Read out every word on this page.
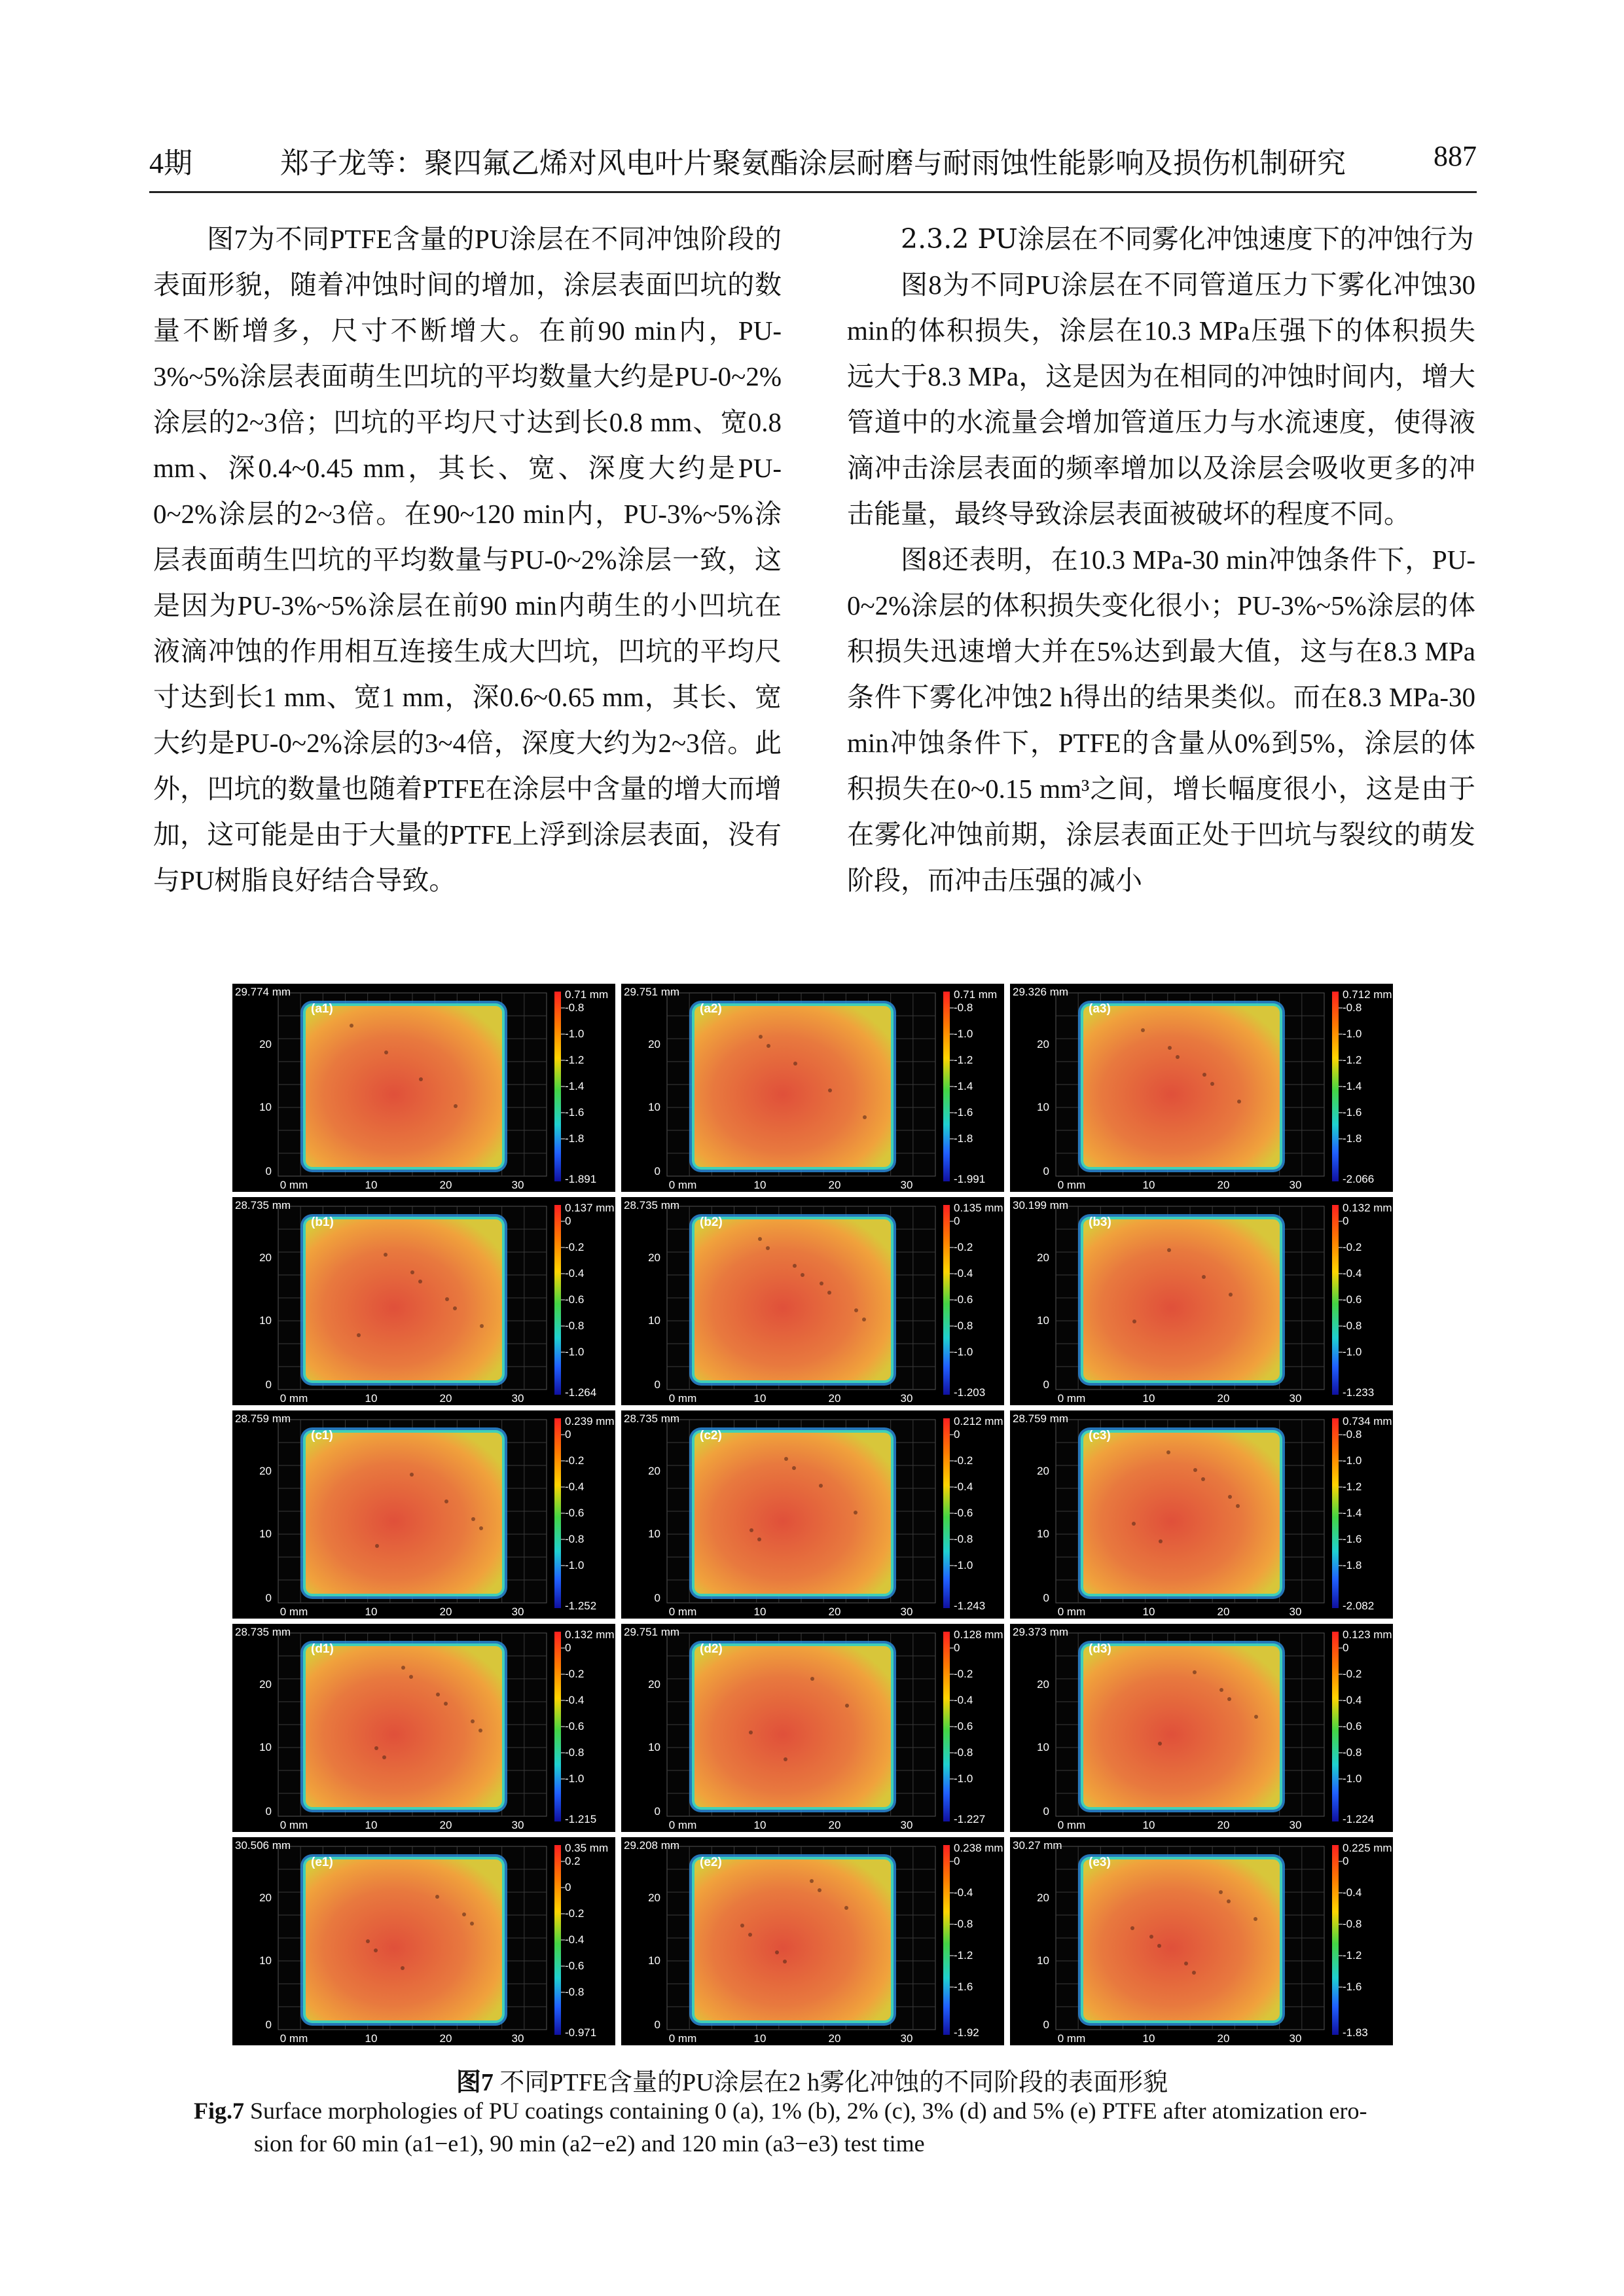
4期	郑子龙等：聚四氟乙烯对风电叶片聚氨酯涂层耐磨与耐雨蚀性能影响及损伤机制研究	887

图7为不同PTFE含量的PU涂层在不同冲蚀阶段的表面形貌，随着冲蚀时间的增加，涂层表面凹坑的数量不断增多，尺寸不断增大。在前90 min内，PU-3%~5%涂层表面萌生凹坑的平均数量大约是PU-0~2%涂层的2~3倍；凹坑的平均尺寸达到长0.8 mm、宽0.8 mm、深0.4~0.45 mm，其长、宽、深度大约是PU-0~2%涂层的2~3倍。在90~120 min内，PU-3%~5%涂层表面萌生凹坑的平均数量与PU-0~2%涂层一致，这是因为PU-3%~5%涂层在前90 min内萌生的小凹坑在液滴冲蚀的作用相互连接生成大凹坑，凹坑的平均尺寸达到长1 mm、宽1 mm，深0.6~0.65 mm，其长、宽大约是PU-0~2%涂层的3~4倍，深度大约为2~3倍。此外，凹坑的数量也随着PTFE在涂层中含量的增大而增加，这可能是由于大量的PTFE上浮到涂层表面，没有与PU树脂良好结合导致。

2.3.2 PU涂层在不同雾化冲蚀速度下的冲蚀行为

图8为不同PU涂层在不同管道压力下雾化冲蚀30 min的体积损失，涂层在10.3 MPa压强下的体积损失远大于8.3 MPa，这是因为在相同的冲蚀时间内，增大管道中的水流量会增加管道压力与水流速度，使得液滴冲击涂层表面的频率增加以及涂层会吸收更多的冲击能量，最终导致涂层表面被破坏的程度不同。

图8还表明，在10.3 MPa-30 min冲蚀条件下，PU-0~2%涂层的体积损失变化很小；PU-3%~5%涂层的体积损失迅速增大并在5%达到最大值，这与在8.3 MPa条件下雾化冲蚀2 h得出的结果类似。而在8.3 MPa-30 min冲蚀条件下，PTFE的含量从0%到5%，涂层的体积损失在0~0.15 mm³之间，增长幅度很小，这是由于在雾化冲蚀前期，涂层表面正处于凹坑与裂纹的萌发阶段，而冲击压强的减小

(a1)
29.774 mm
20
10
0
0 mm	10	20	30
0.71 mm
-0.8
-1.0
-1.2
-1.4
-1.6
-1.8
-1.891
(a2)
29.751 mm
20
10
0
0 mm	10	20	30
0.71 mm
-0.8
-1.0
-1.2
-1.4
-1.6
-1.8
-1.991
(a3)
29.326 mm
20
10
0
0 mm	10	20	30
0.712 mm
-0.8
-1.0
-1.2
-1.4
-1.6
-1.8
-2.066
(b1)
28.735 mm
20
10
0
0 mm	10	20	30
0.137 mm
0
-0.2
-0.4
-0.6
-0.8
-1.0
-1.264
(b2)
28.735 mm
20
10
0
0 mm	10	20	30
0.135 mm
0
-0.2
-0.4
-0.6
-0.8
-1.0
-1.203
(b3)
30.199 mm
20
10
0
0 mm	10	20	30
0.132 mm
0
-0.2
-0.4
-0.6
-0.8
-1.0
-1.233
(c1)
28.759 mm
20
10
0
0 mm	10	20	30
0.239 mm
0
-0.2
-0.4
-0.6
-0.8
-1.0
-1.252
(c2)
28.735 mm
20
10
0
0 mm	10	20	30
0.212 mm
0
-0.2
-0.4
-0.6
-0.8
-1.0
-1.243
(c3)
28.759 mm
20
10
0
0 mm	10	20	30
0.734 mm
-0.8
-1.0
-1.2
-1.4
-1.6
-1.8
-2.082
(d1)
28.735 mm
20
10
0
0 mm	10	20	30
0.132 mm
0
-0.2
-0.4
-0.6
-0.8
-1.0
-1.215
(d2)
29.751 mm
20
10
0
0 mm	10	20	30
0.128 mm
0
-0.2
-0.4
-0.6
-0.8
-1.0
-1.227
(d3)
29.373 mm
20
10
0
0 mm	10	20	30
0.123 mm
0
-0.2
-0.4
-0.6
-0.8
-1.0
-1.224
(e1)
30.506 mm
20
10
0
0 mm	10	20	30
0.35 mm
0.2
0
-0.2
-0.4
-0.6
-0.8
-0.971
(e2)
29.208 mm
20
10
0
0 mm	10	20	30
0.238 mm
0
-0.4
-0.8
-1.2
-1.6
-1.92
(e3)
30.27 mm
20
10
0
0 mm	10	20	30
0.225 mm
0
-0.4
-0.8
-1.2
-1.6
-1.83
图7 不同PTFE含量的PU涂层在2 h雾化冲蚀的不同阶段的表面形貌
Fig.7 Surface morphologies of PU coatings containing 0 (a), 1% (b), 2% (c), 3% (d) and 5% (e) PTFE after atomization ero-
sion for 60 min (a1−e1), 90 min (a2−e2) and 120 min (a3−e3) test time
